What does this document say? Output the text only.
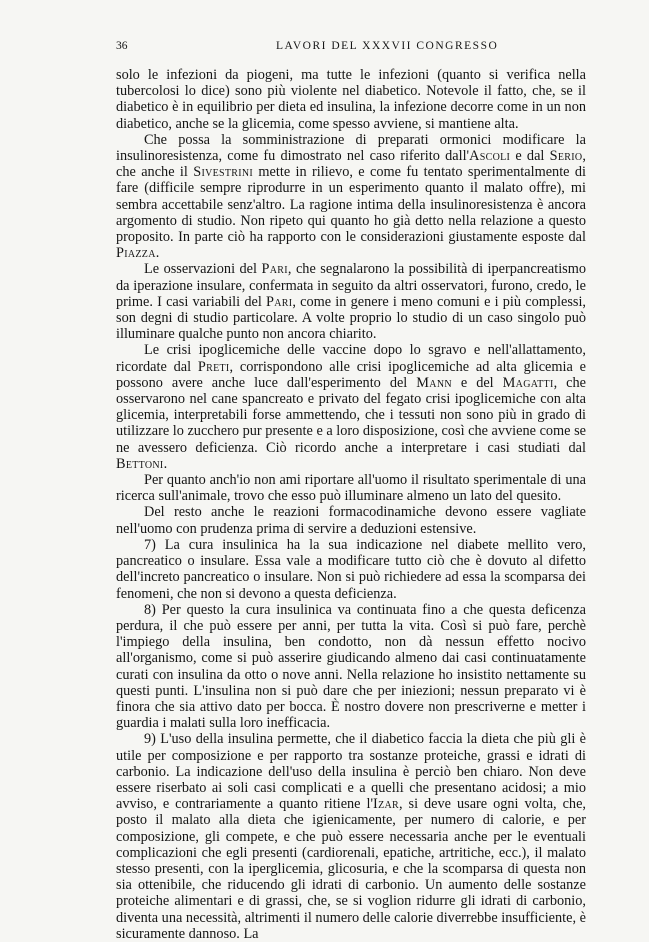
36	LAVORI DEL XXXVII CONGRESSO

solo le infezioni da piogeni, ma tutte le infezioni (quanto si verifica nella tubercolosi lo dice) sono più violente nel diabetico. Notevole il fatto, che, se il diabetico è in equilibrio per dieta ed insulina, la infezione decorre come in un non diabetico, anche se la glicemia, come spesso avviene, si mantiene alta.

Che possa la somministrazione di preparati ormonici modificare la insulinoresistenza, come fu dimostrato nel caso riferito dall'Ascoli e dal Serio, che anche il Sivestrini mette in rilievo, e come fu tentato sperimentalmente di fare (difficile sempre riprodurre in un esperimento quanto il malato offre), mi sembra accettabile senz'altro. La ragione intima della insulinoresistenza è ancora argomento di studio. Non ripeto qui quanto ho già detto nella relazione a questo proposito. In parte ciò ha rapporto con le considerazioni giustamente esposte dal Piazza.

Le osservazioni del Pari, che segnalarono la possibilità di iperpancreatismo da iperazione insulare, confermata in seguito da altri osservatori, furono, credo, le prime. I casi variabili del Pari, come in genere i meno comuni e i più complessi, son degni di studio particolare. A volte proprio lo studio di un caso singolo può illuminare qualche punto non ancora chiarito.

Le crisi ipoglicemiche delle vaccine dopo lo sgravo e nell'allattamento, ricordate dal Preti, corrispondono alle crisi ipoglicemiche ad alta glicemia e possono avere anche luce dall'esperimento del Mann e del Magatti, che osservarono nel cane spancreato e privato del fegato crisi ipoglicemiche con alta glicemia, interpretabili forse ammettendo, che i tessuti non sono più in grado di utilizzare lo zucchero pur presente e a loro disposizione, così che avviene come se ne avessero deficienza. Ciò ricordo anche a interpretare i casi studiati dal Bettoni.

Per quanto anch'io non ami riportare all'uomo il risultato sperimentale di una ricerca sull'animale, trovo che esso può illuminare almeno un lato del quesito.

Del resto anche le reazioni formacodinamiche devono essere vagliate nell'uomo con prudenza prima di servire a deduzioni estensive.

7) La cura insulinica ha la sua indicazione nel diabete mellito vero, pancreatico o insulare. Essa vale a modificare tutto ciò che è dovuto al difetto dell'increto pancreatico o insulare. Non si può richiedere ad essa la scomparsa dei fenomeni, che non si devono a questa deficienza.

8) Per questo la cura insulinica va continuata fino a che questa deficenza perdura, il che può essere per anni, per tutta la vita. Così si può fare, perchè l'impiego della insulina, ben condotto, non dà nessun effetto nocivo all'organismo, come si può asserire giudicando almeno dai casi continuatamente curati con insulina da otto o nove anni. Nella relazione ho insistito nettamente su questi punti. L'insulina non si può dare che per iniezioni; nessun preparato vi è finora che sia attivo dato per bocca. È nostro dovere non prescriverne e metter i guardia i malati sulla loro inefficacia.

9) L'uso della insulina permette, che il diabetico faccia la dieta che più gli è utile per composizione e per rapporto tra sostanze proteiche, grassi e idrati di carbonio. La indicazione dell'uso della insulina è perciò ben chiaro. Non deve essere riserbato ai soli casi complicati e a quelli che presentano acidosi; a mio avviso, e contrariamente a quanto ritiene l'Izar, si deve usare ogni volta, che, posto il malato alla dieta che igienicamente, per numero di calorie, e per composizione, gli compete, e che può essere necessaria anche per le eventuali complicazioni che egli presenti (cardiorenali, epatiche, artritiche, ecc.), il malato stesso presenti, con la iperglicemia, glicosuria, e che la scomparsa di questa non sia ottenibile, che riducendo gli idrati di carbonio. Un aumento delle sostanze proteiche alimentari e di grassi, che, se si voglion ridurre gli idrati di carbonio, diventa una necessità, altrimenti il numero delle calorie diverrebbe insufficiente, è sicuramente dannoso. La
